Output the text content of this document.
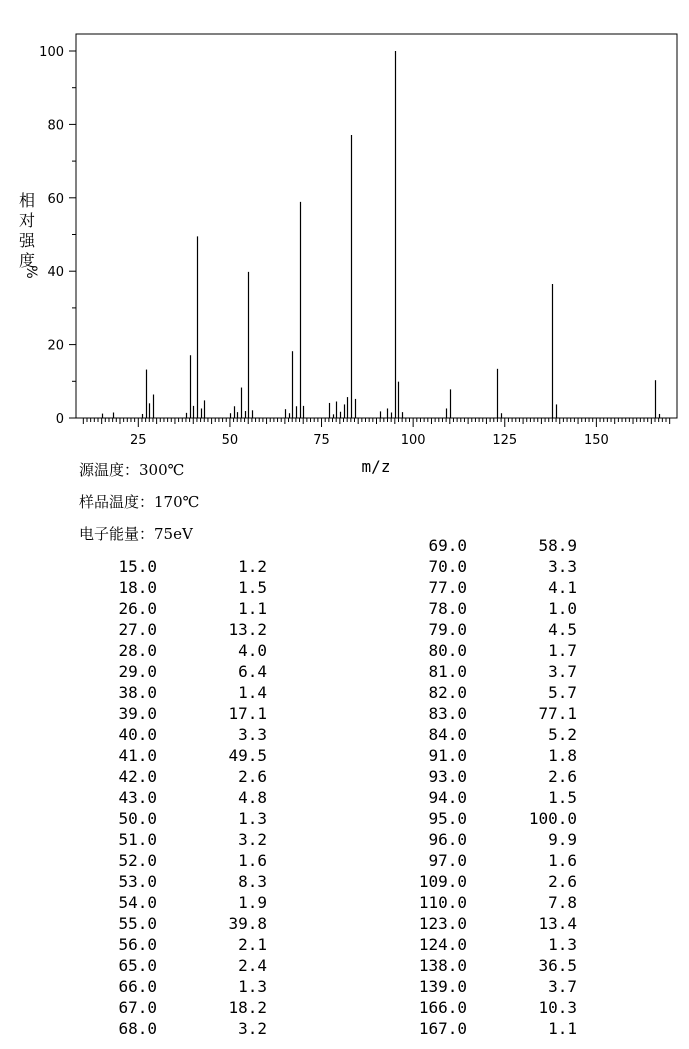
0
20
40
60
80
100
25	50	75	100	125	150
相
对
强
度
%
m/z
源温度：300℃
样品温度：170℃
电子能量：75eV
15.0	1.2
18.0	1.5
26.0	1.1
27.0	13.2
28.0	4.0
29.0	6.4
38.0	1.4
39.0	17.1
40.0	3.3
41.0	49.5
42.0	2.6
43.0	4.8
50.0	1.3
51.0	3.2
52.0	1.6
53.0	8.3
54.0	1.9
55.0	39.8
56.0	2.1
65.0	2.4
66.0	1.3
67.0	18.2
68.0	3.2
69.0	58.9
70.0	3.3
77.0	4.1
78.0	1.0
79.0	4.5
80.0	1.7
81.0	3.7
82.0	5.7
83.0	77.1
84.0	5.2
91.0	1.8
93.0	2.6
94.0	1.5
95.0	100.0
96.0	9.9
97.0	1.6
109.0	2.6
110.0	7.8
123.0	13.4
124.0	1.3
138.0	36.5
139.0	3.7
166.0	10.3
167.0	1.1
